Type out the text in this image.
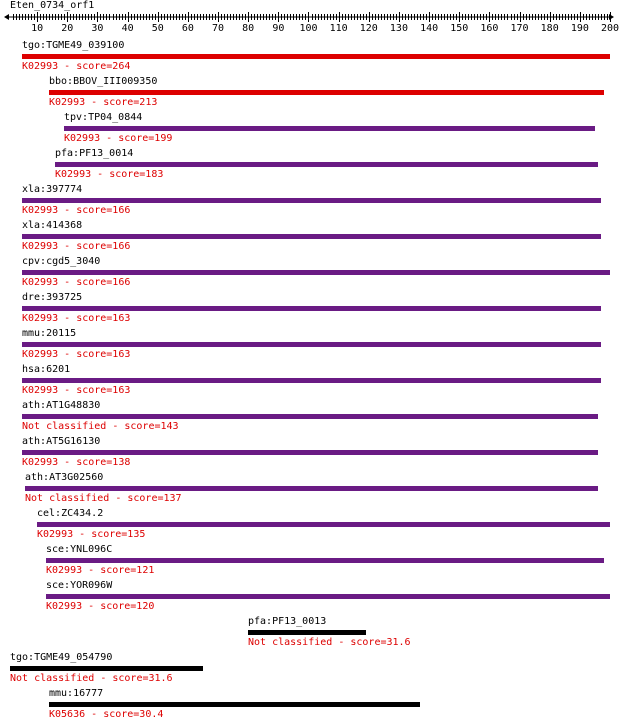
Eten_0734_orf1
10 20 30 40 50 60 70 80 90 100 110 120 130 140 150 160 170 180 190 200
tgo:TGME49_039100
K02993 - score=264
bbo:BBOV_III009350
K02993 - score=213
tpv:TP04_0844
K02993 - score=199
pfa:PF13_0014
K02993 - score=183
xla:397774
K02993 - score=166
xla:414368
K02993 - score=166
cpv:cgd5_3040
K02993 - score=166
dre:393725
K02993 - score=163
mmu:20115
K02993 - score=163
hsa:6201
K02993 - score=163
ath:AT1G48830
Not classified - score=143
ath:AT5G16130
K02993 - score=138
ath:AT3G02560
Not classified - score=137
cel:ZC434.2
K02993 - score=135
sce:YNL096C
K02993 - score=121
sce:YOR096W
K02993 - score=120
pfa:PF13_0013
Not classified - score=31.6
tgo:TGME49_054790
Not classified - score=31.6
mmu:16777
K05636 - score=30.4
